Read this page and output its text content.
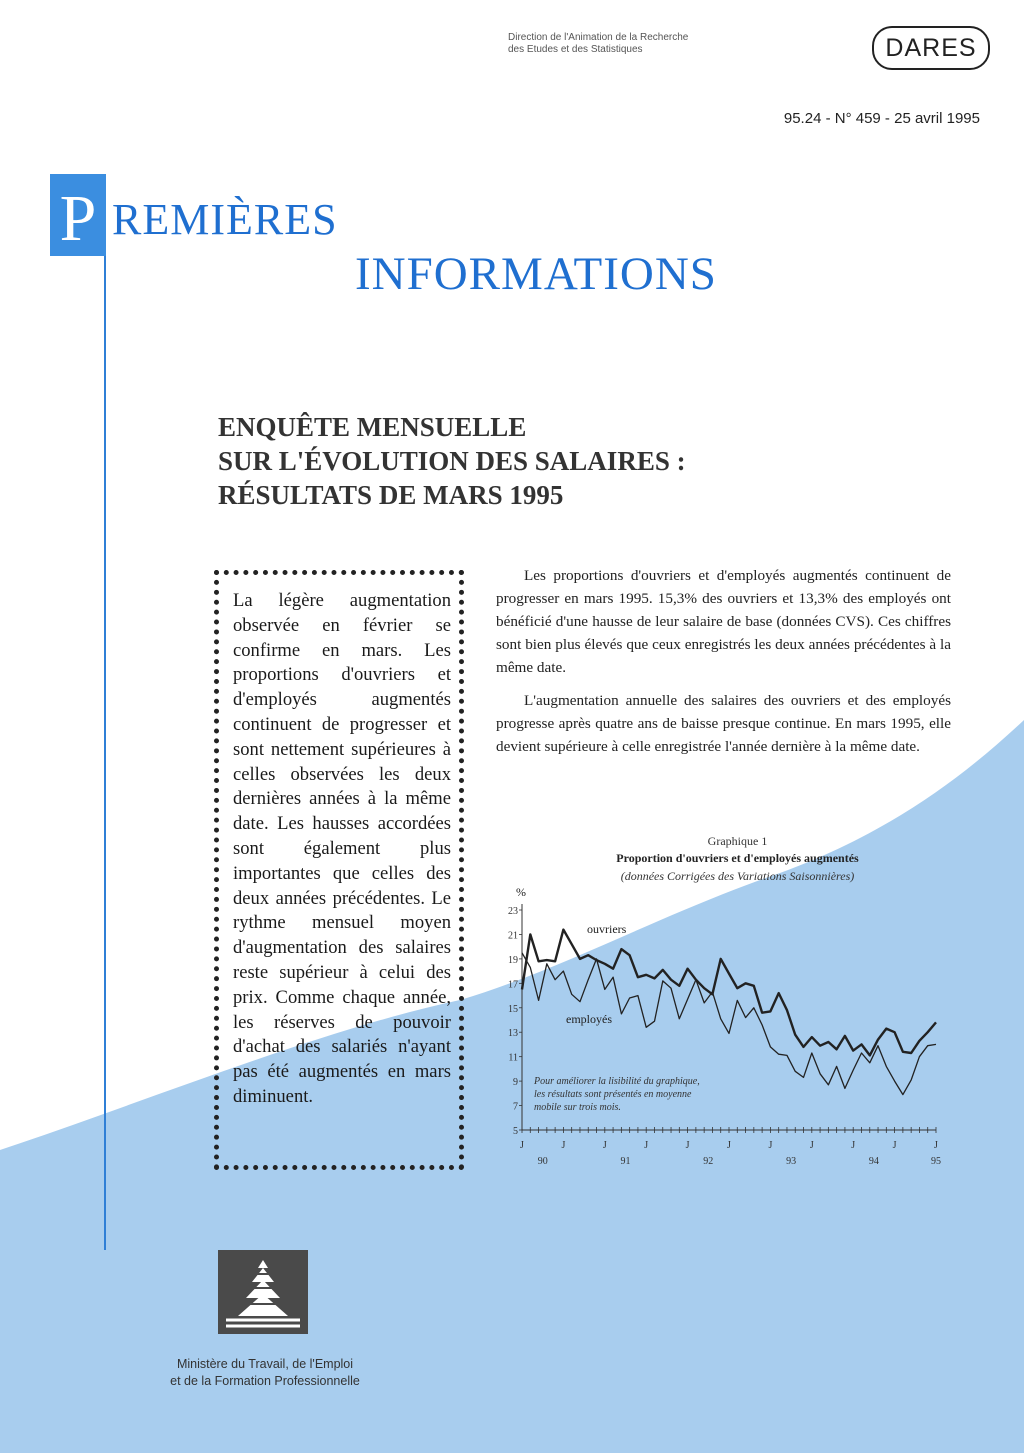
Direction de l'Animation de la Recherche
des Etudes et des Statistiques	DARES
95.24 - N° 459 - 25 avril 1995
P REMIÈRES
INFORMATIONS
ENQUÊTE MENSUELLE
SUR L'ÉVOLUTION DES SALAIRES :
RÉSULTATS DE MARS 1995

La légère augmentation observée en février se confirme en mars. Les proportions d'ouvriers et d'employés augmentés continuent de progresser et sont nettement supérieures à celles observées les deux dernières années à la même date. Les hausses accordées sont également plus importantes que celles des deux années précédentes. Le rythme mensuel moyen d'augmentation des salaires reste supérieur à celui des prix. Comme chaque année, les réserves de pouvoir d'achat des salariés n'ayant pas été augmentés en mars diminuent.

Les proportions d'ouvriers et d'employés augmentés continuent de progresser en mars 1995. 15,3% des ouvriers et 13,3% des employés ont bénéficié d'une hausse de leur salaire de base (données CVS). Ces chiffres sont bien plus élevés que ceux enregistrés les deux années précédentes à la même date.

L'augmentation annuelle des salaires des ouvriers et des employés progresse après quatre ans de baisse presque continue. En mars 1995, elle devient supérieure à celle enregistrée l'année dernière à la même date.

Graphique 1
Proportion d'ouvriers et d'employés augmentés
(données Corrigées des Variations Saisonnières)
5
7
9
11
13
15
17
19
21
23
J	J	J	J	J	J	J	J	J	J	J
90	91	92	93	94	95
%
ouvriers
employés
Pour améliorer la lisibilité du graphique,
les résultats sont présentés en moyenne
mobile sur trois mois.
Ministère du Travail, de l'Emploi
et de la Formation Professionnelle
